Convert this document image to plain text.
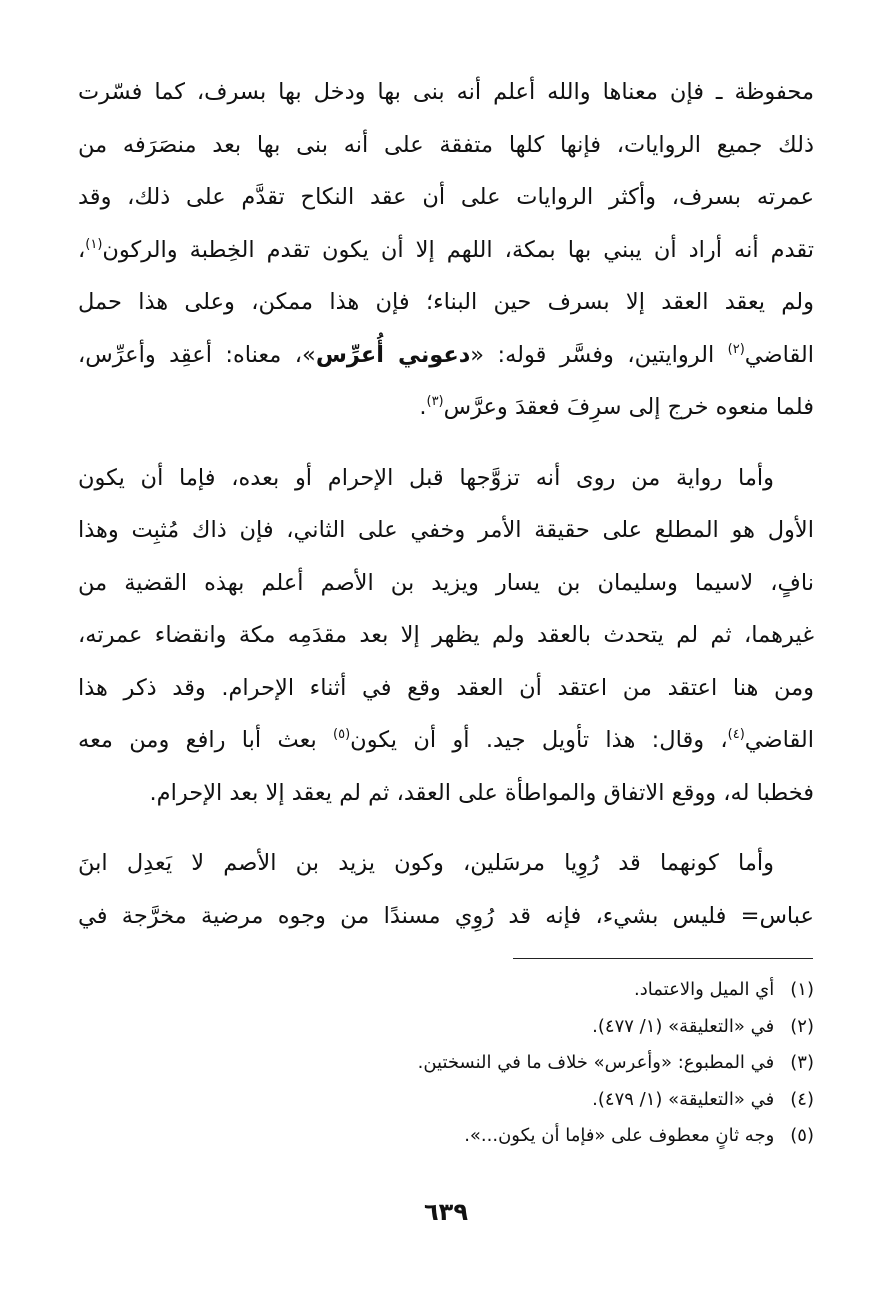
محفوظة ـ فإن معناها والله أعلم أنه بنى بها ودخل بها بسرف، كما فسّرت
ذلك جميع الروايات، فإنها كلها متفقة على أنه بنى بها بعد منصَرَفه من
عمرته بسرف، وأكثر الروايات على أن عقد النكاح تقدَّم على ذلك، وقد
تقدم أنه أراد أن يبني بها بمكة، اللهم إلا أن يكون تقدم الخِطبة والركون$^{(١)}$،
ولم يعقد العقد إلا بسرف حين البناء؛ فإن هذا ممكن، وعلى هذا حمل
القاضي$^{(٢)}$ الروايتين، وفسَّر قوله: «دعوني أُعرِّس»، معناه: أعقِد وأعرِّس،
فلما منعوه خرج إلى سرِفَ فعقدَ وعرَّس$^{(٣)}$.

وأما رواية من روى أنه تزوَّجها قبل الإحرام أو بعده، فإما أن يكون
الأول هو المطلع على حقيقة الأمر وخفي على الثاني، فإن ذاك مُثبِت وهذا
نافٍ، لاسيما وسليمان بن يسار ويزيد بن الأصم أعلم بهذه القضية من
غيرهما، ثم لم يتحدث بالعقد ولم يظهر إلا بعد مقدَمِه مكة وانقضاء عمرته،
ومن هنا اعتقد من اعتقد أن العقد وقع في أثناء الإحرام. وقد ذكر هذا
القاضي$^{(٤)}$، وقال: هذا تأويل جيد. أو أن يكون$^{(٥)}$ بعث أبا رافع ومن معه
فخطبا له، ووقع الاتفاق والمواطأة على العقد، ثم لم يعقد إلا بعد الإحرام.

وأما كونهما قد رُوِيا مرسَلين، وكون يزيد بن الأصم لا يَعدِل ابنَ
عباس= فليس بشيء، فإنه قد رُوِي مسندًا من وجوه مرضية مخرَّجة في

(١) أي الميل والاعتماد.
(٢) في «التعليقة» (١/ ٤٧٧).
(٣) في المطبوع: «وأعرس» خلاف ما في النسختين.
(٤) في «التعليقة» (١/ ٤٧٩).
(٥) وجه ثانٍ معطوف على «فإما أن يكون...».
٦٣٩
